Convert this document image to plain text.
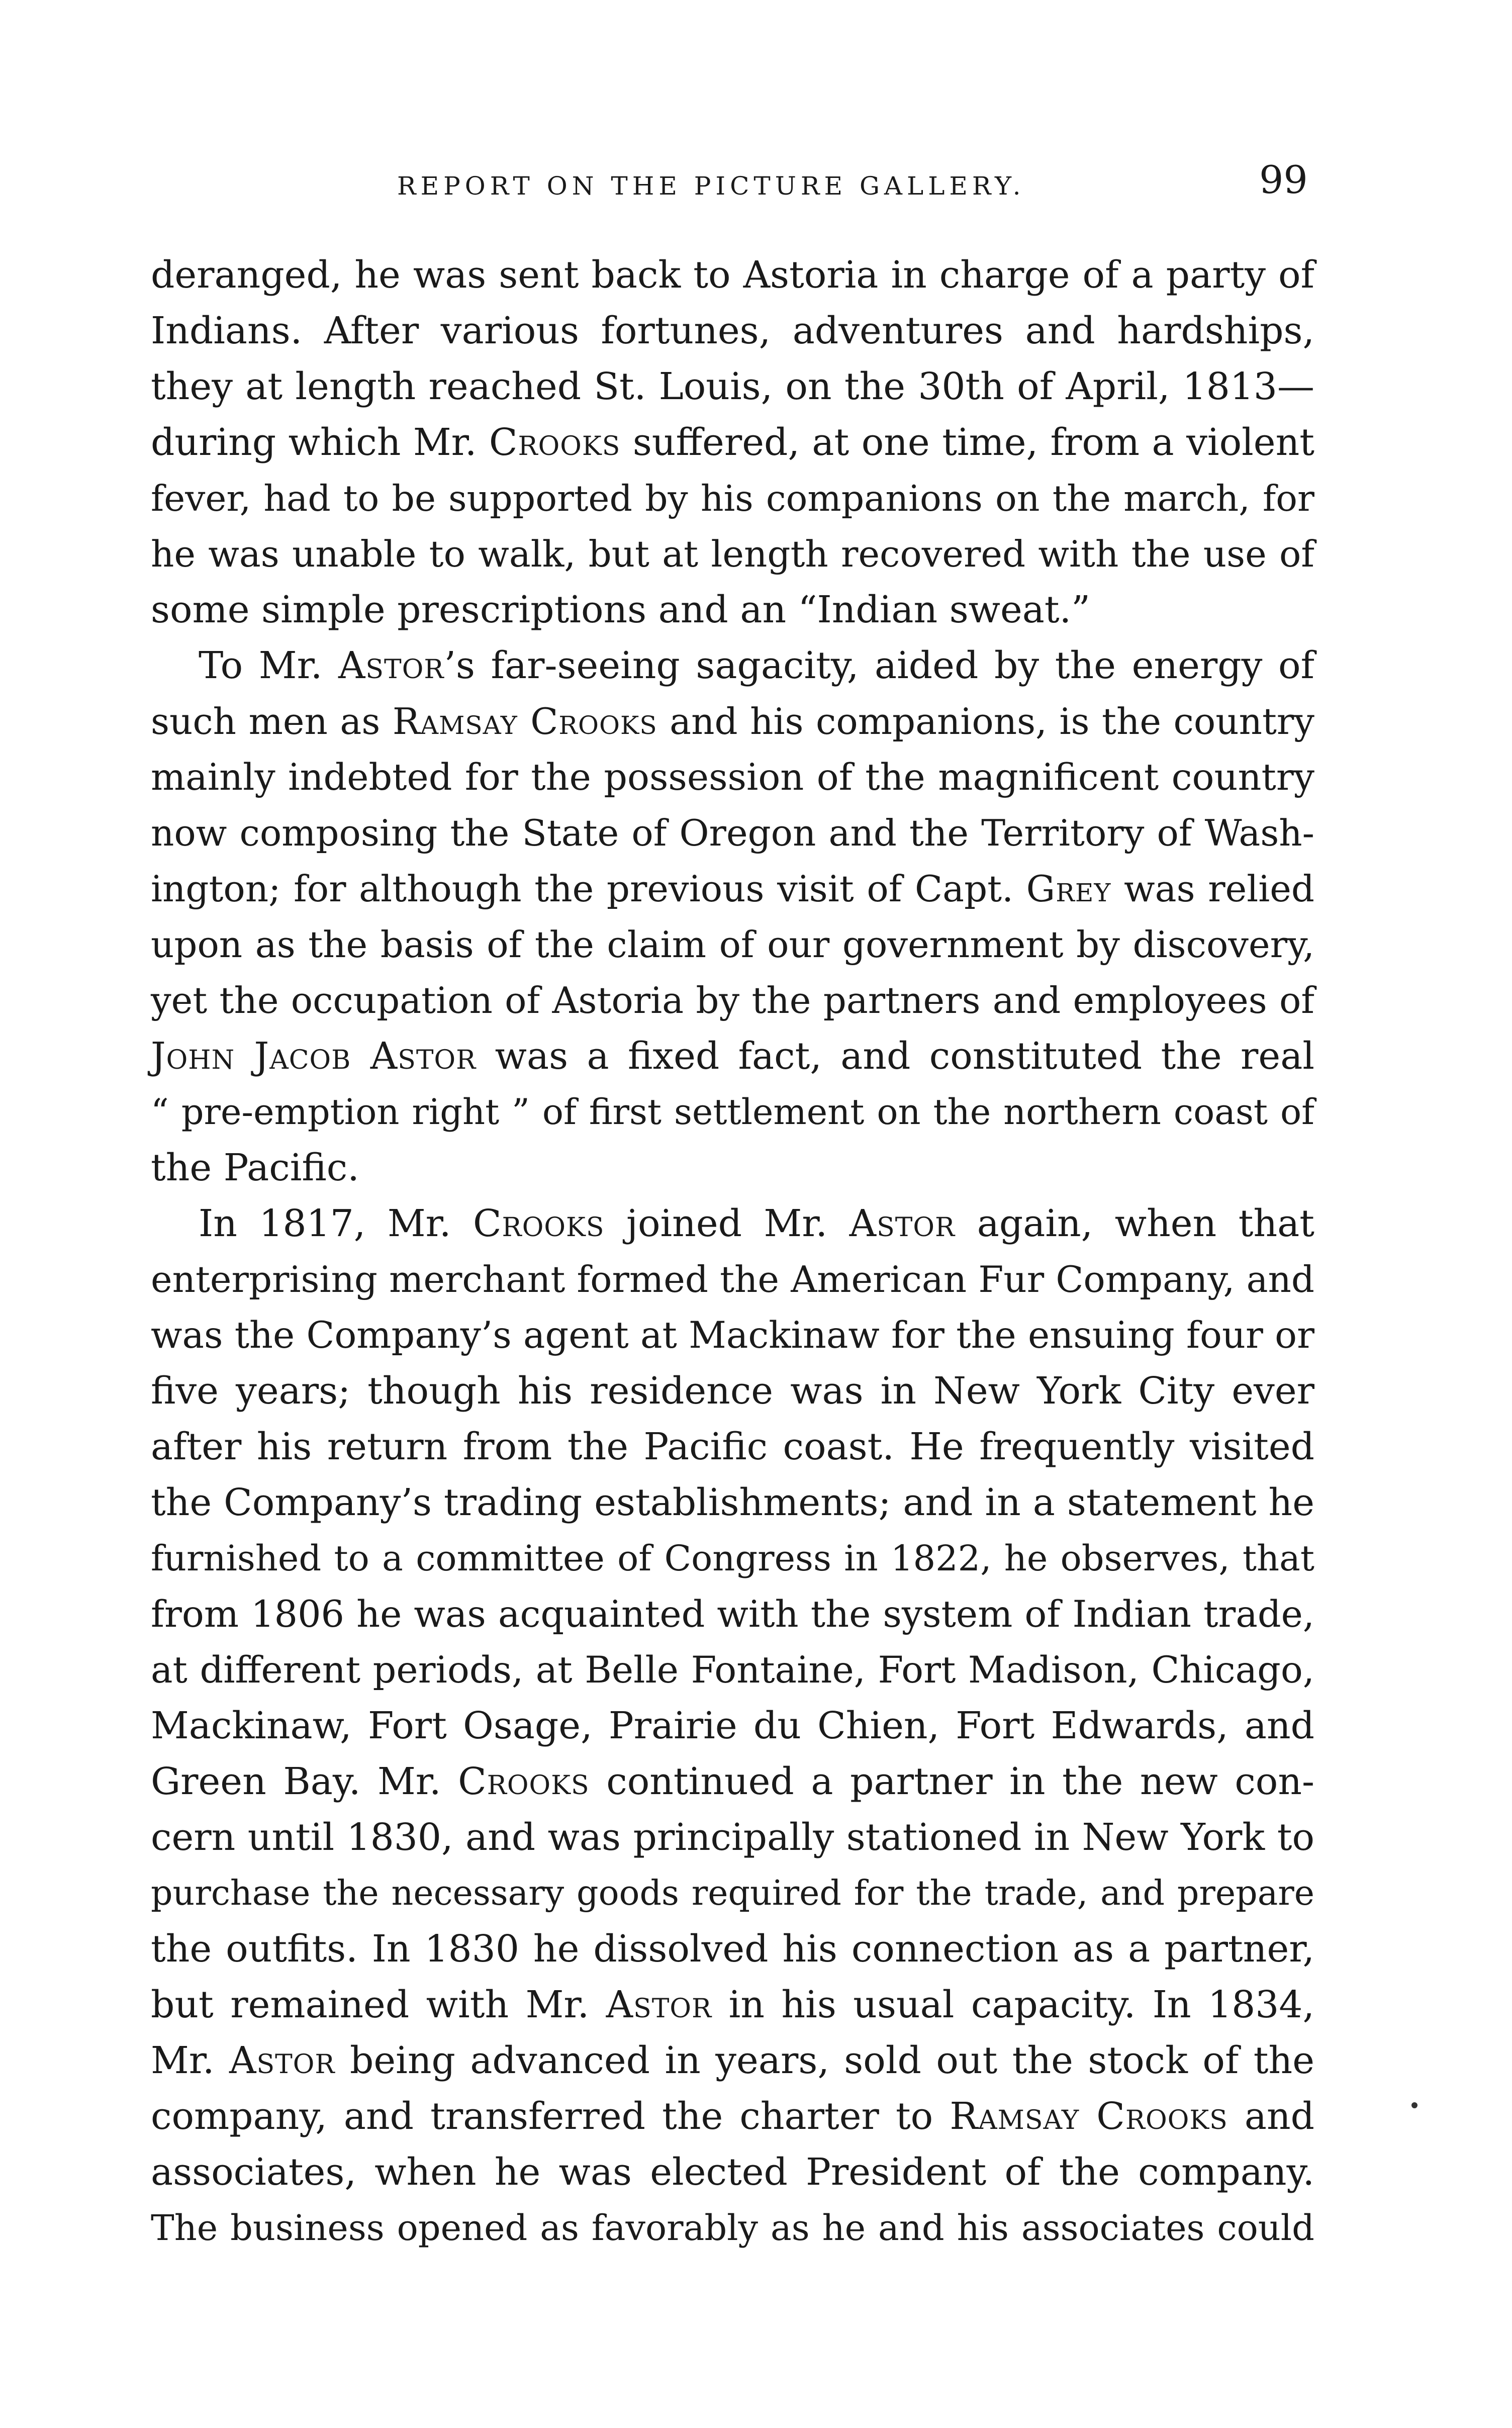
REPORT ON THE PICTURE GALLERY.	99
deranged, he was sent back to Astoria in charge of a party of
Indians. After various fortunes, adventures and hardships,
they at length reached St. Louis, on the 30th of April, 1813—
during which Mr. Crooks suffered, at one time, from a violent
fever, had to be supported by his companions on the march, for
he was unable to walk, but at length recovered with the use of
some simple prescriptions and an “Indian sweat.”
To Mr. Astor’s far-seeing sagacity, aided by the energy of
such men as Ramsay Crooks and his companions, is the country
mainly indebted for the possession of the magnificent country
now composing the State of Oregon and the Territory of Wash-
ington; for although the previous visit of Capt. Grey was relied
upon as the basis of the claim of our government by discovery,
yet the occupation of Astoria by the partners and employees of
John Jacob Astor was a fixed fact, and constituted the real
“ pre-emption right ” of first settlement on the northern coast of
the Pacific.
In 1817, Mr. Crooks joined Mr. Astor again, when that
enterprising merchant formed the American Fur Company, and
was the Company’s agent at Mackinaw for the ensuing four or
five years; though his residence was in New York City ever
after his return from the Pacific coast. He frequently visited
the Company’s trading establishments; and in a statement he
furnished to a committee of Congress in 1822, he observes, that
from 1806 he was acquainted with the system of Indian trade,
at different periods, at Belle Fontaine, Fort Madison, Chicago,
Mackinaw, Fort Osage, Prairie du Chien, Fort Edwards, and
Green Bay. Mr. Crooks continued a partner in the new con-
cern until 1830, and was principally stationed in New York to
purchase the necessary goods required for the trade, and prepare
the outfits. In 1830 he dissolved his connection as a partner,
but remained with Mr. Astor in his usual capacity. In 1834,
Mr. Astor being advanced in years, sold out the stock of the
company, and transferred the charter to Ramsay Crooks and
associates, when he was elected President of the company.
The business opened as favorably as he and his associates could
